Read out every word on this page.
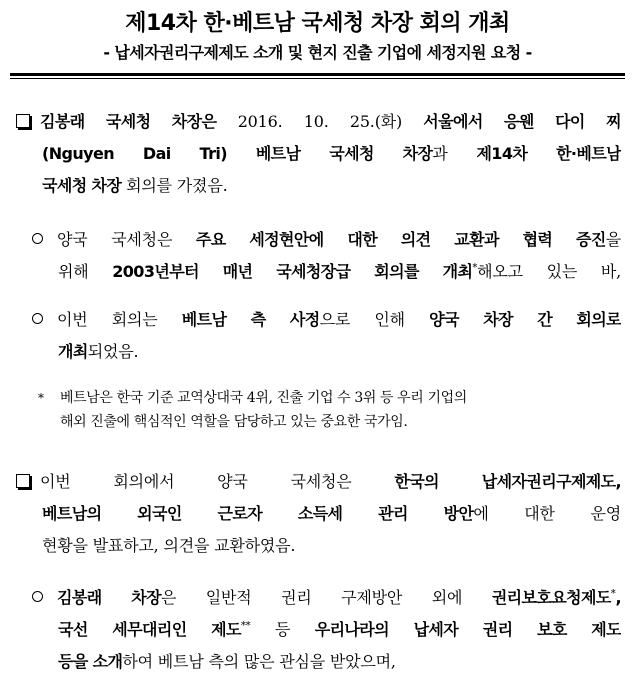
제14차 한·베트남 국세청 차장 회의 개최
- 납세자권리구제제도 소개 및 현지 진출 기업에 세정지원 요청 -
김봉래 국세청 차장은 2016. 10. 25.(화) 서울에서 응웬 다이 찌
(Nguyen Dai Tri) 베트남 국세청 차장과 제14차 한·베트남
국세청 차장 회의를 가졌음.
양국 국세청은 주요 세정현안에 대한 의견 교환과 협력 증진을
위해 2003년부터 매년 국세청장급 회의를 개최*해오고 있는 바,
이번 회의는 베트남 측 사정으로 인해 양국 차장 간 회의로
개최되었음.
* 베트남은 한국 기준 교역상대국 4위, 진출 기업 수 3위 등 우리 기업의
해외 진출에 핵심적인 역할을 담당하고 있는 중요한 국가임.
이번 회의에서 양국 국세청은 한국의 납세자권리구제제도,
베트남의 외국인 근로자 소득세 관리 방안에 대한 운영
현황을 발표하고, 의견을 교환하였음.
김봉래 차장은 일반적 권리 구제방안 외에 권리보호요청제도*,
국선 세무대리인 제도** 등 우리나라의 납세자 권리 보호 제도
등을 소개하여 베트남 측의 많은 관심을 받았으며,
